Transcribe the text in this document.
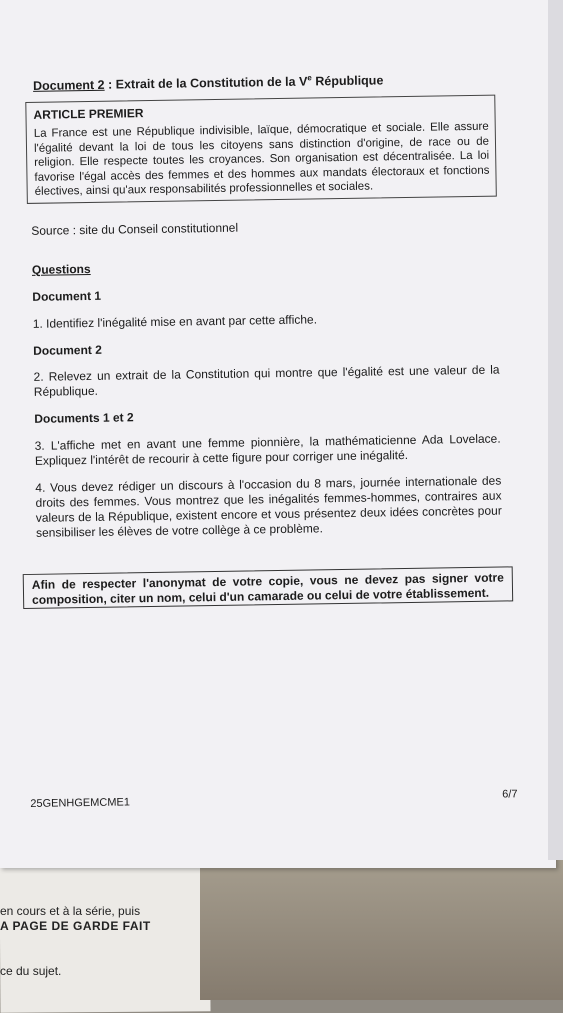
en cours et à la série, puis
A PAGE DE GARDE FAIT
ce du sujet.
Document 2 : Extrait de la Constitution de la Ve République
ARTICLE PREMIER
La France est une République indivisible, laïque, démocratique et sociale. Elle assure l'égalité devant la loi de tous les citoyens sans distinction d'origine, de race ou de religion. Elle respecte toutes les croyances. Son organisation est décentralisée. La loi favorise l'égal accès des femmes et des hommes aux mandats électoraux et fonctions électives, ainsi qu'aux responsabilités professionnelles et sociales.
Source : site du Conseil constitutionnel
Questions
Document 1
1. Identifiez l'inégalité mise en avant par cette affiche.
Document 2
2. Relevez un extrait de la Constitution qui montre que l'égalité est une valeur de la République.
Documents 1 et 2
3. L'affiche met en avant une femme pionnière, la mathématicienne Ada Lovelace. Expliquez l'intérêt de recourir à cette figure pour corriger une inégalité.
4. Vous devez rédiger un discours à l'occasion du 8 mars, journée internationale des droits des femmes. Vous montrez que les inégalités femmes-hommes, contraires aux valeurs de la République, existent encore et vous présentez deux idées concrètes pour sensibiliser les élèves de votre collège à ce problème.
Afin de respecter l'anonymat de votre copie, vous ne devez pas signer votre composition, citer un nom, celui d'un camarade ou celui de votre établissement.
25GENHGEMCME1
6/7
